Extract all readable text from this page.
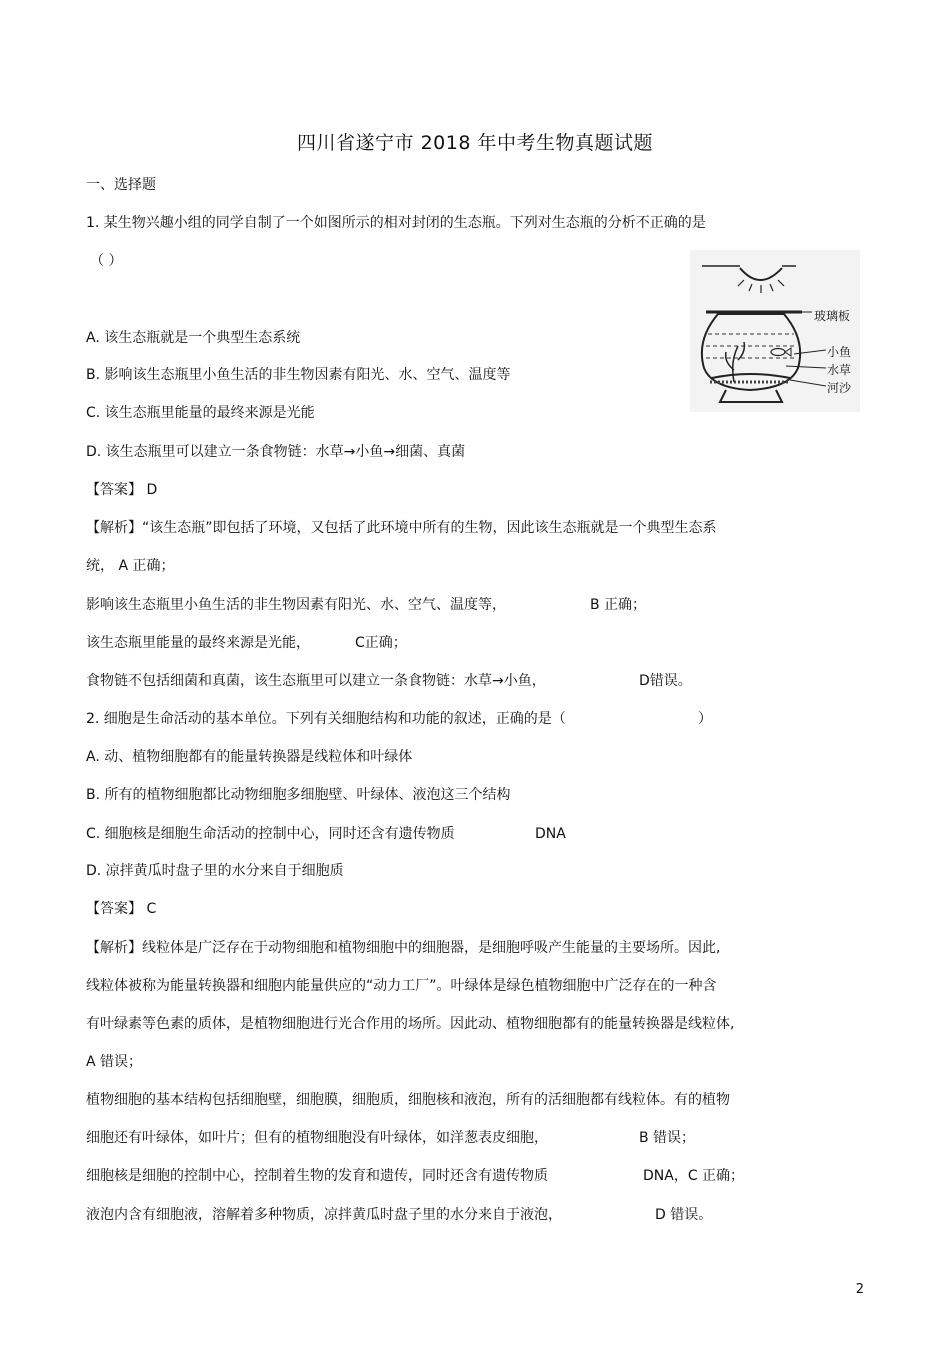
四川省遂宁市 2018 年中考生物真题试题
一、选择题
1. 某生物兴趣小组的同学自制了一个如图所示的相对封闭的生态瓶。下列对生态瓶的分析不正确的是
（ ）
A. 该生态瓶就是一个典型生态系统
B. 影响该生态瓶里小鱼生活的非生物因素有阳光、水、空气、温度等
C. 该生态瓶里能量的最终来源是光能
D. 该生态瓶里可以建立一条食物链：水草→小鱼→细菌、真菌
【答案】 D
【解析】“该生态瓶”即包括了环境，又包括了此环境中所有的生物，因此该生态瓶就是一个典型生态系
统， A 正确；
影响该生态瓶里小鱼生活的非生物因素有阳光、水、空气、温度等，	B 正确；
该生态瓶里能量的最终来源是光能，	C正确；
食物链不包括细菌和真菌，该生态瓶里可以建立一条食物链：水草→小鱼，	D错误。
玻璃板
小鱼
水草
河沙
2. 细胞是生命活动的基本单位。下列有关细胞结构和功能的叙述，正确的是（	）
A. 动、植物细胞都有的能量转换器是线粒体和叶绿体
B. 所有的植物细胞都比动物细胞多细胞壁、叶绿体、液泡这三个结构
C. 细胞核是细胞生命活动的控制中心，同时还含有遗传物质	DNA
D. 凉拌黄瓜时盘子里的水分来自于细胞质
【答案】 C
【解析】线粒体是广泛存在于动物细胞和植物细胞中的细胞器，是细胞呼吸产生能量的主要场所。因此,
线粒体被称为能量转换器和细胞内能量供应的“动力工厂”。叶绿体是绿色植物细胞中广泛存在的一种含
有叶绿素等色素的质体，是植物细胞进行光合作用的场所。因此动、植物细胞都有的能量转换器是线粒体,
A 错误；
植物细胞的基本结构包括细胞壁，细胞膜，细胞质，细胞核和液泡，所有的活细胞都有线粒体。有的植物
细胞还有叶绿体，如叶片；但有的植物细胞没有叶绿体，如洋葱表皮细胞，	B 错误；
细胞核是细胞的控制中心，控制着生物的发育和遗传，同时还含有遗传物质	DNA，C 正确；
液泡内含有细胞液，溶解着多种物质，凉拌黄瓜时盘子里的水分来自于液泡，	D 错误。
2
